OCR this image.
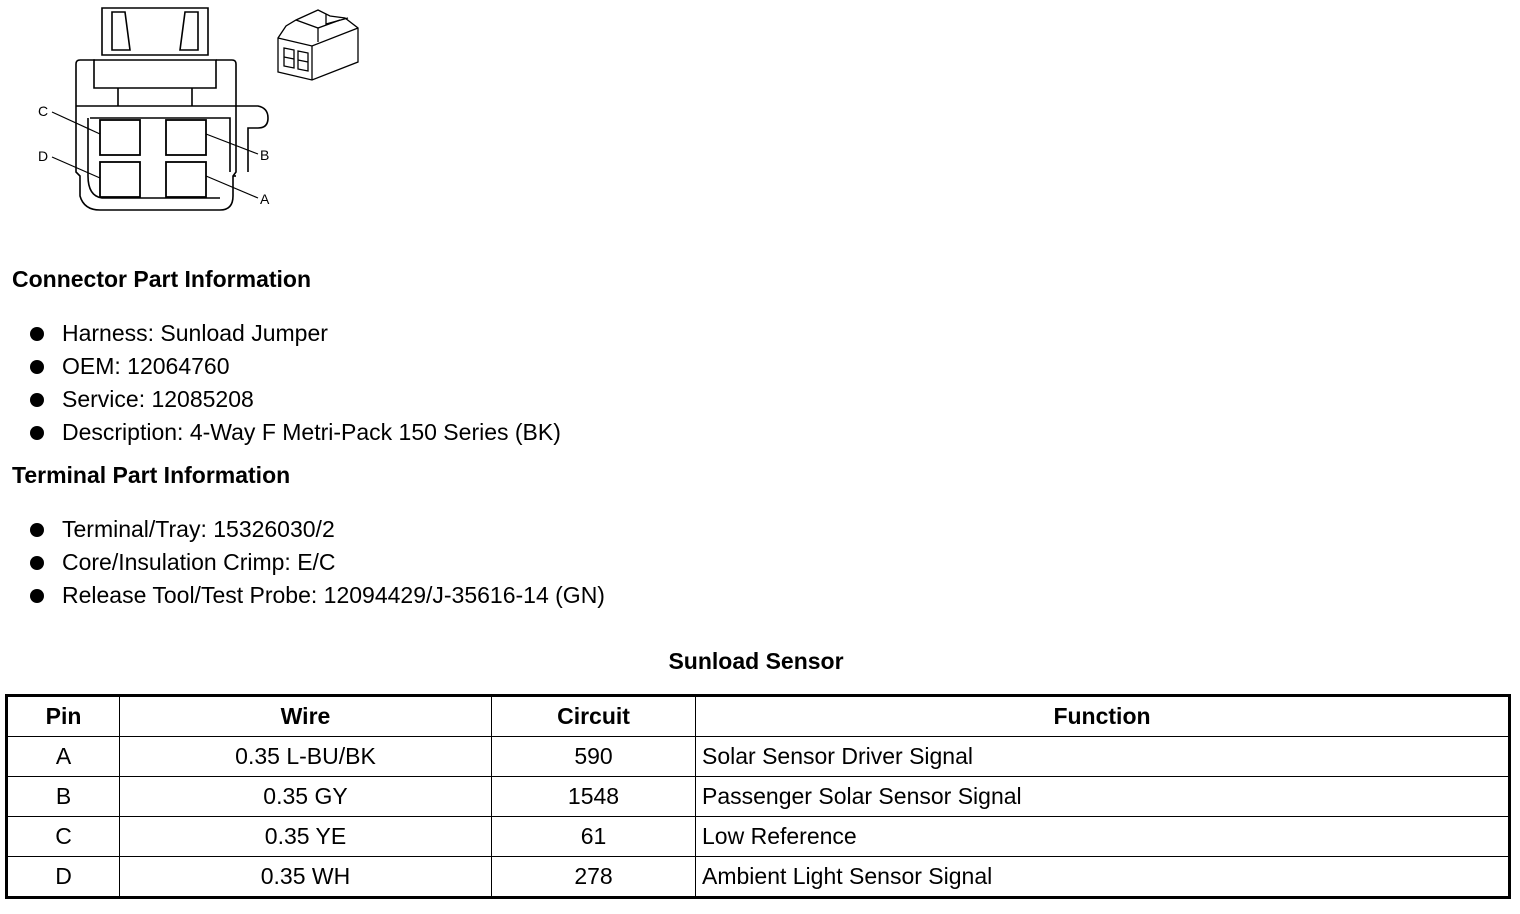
C
B
D
A
Connector Part Information
Harness: Sunload Jumper
OEM: 12064760
Service: 12085208
Description: 4-Way F Metri-Pack 150 Series (BK)
Terminal Part Information
Terminal/Tray: 15326030/2
Core/Insulation Crimp: E/C
Release Tool/Test Probe: 12094429/J-35616-14 (GN)
Sunload Sensor
Pin	Wire	Circuit	Function
A	0.35 L-BU/BK	590	Solar Sensor Driver Signal
B	0.35 GY	1548	Passenger Solar Sensor Signal
C	0.35 YE	61	Low Reference
D	0.35 WH	278	Ambient Light Sensor Signal
